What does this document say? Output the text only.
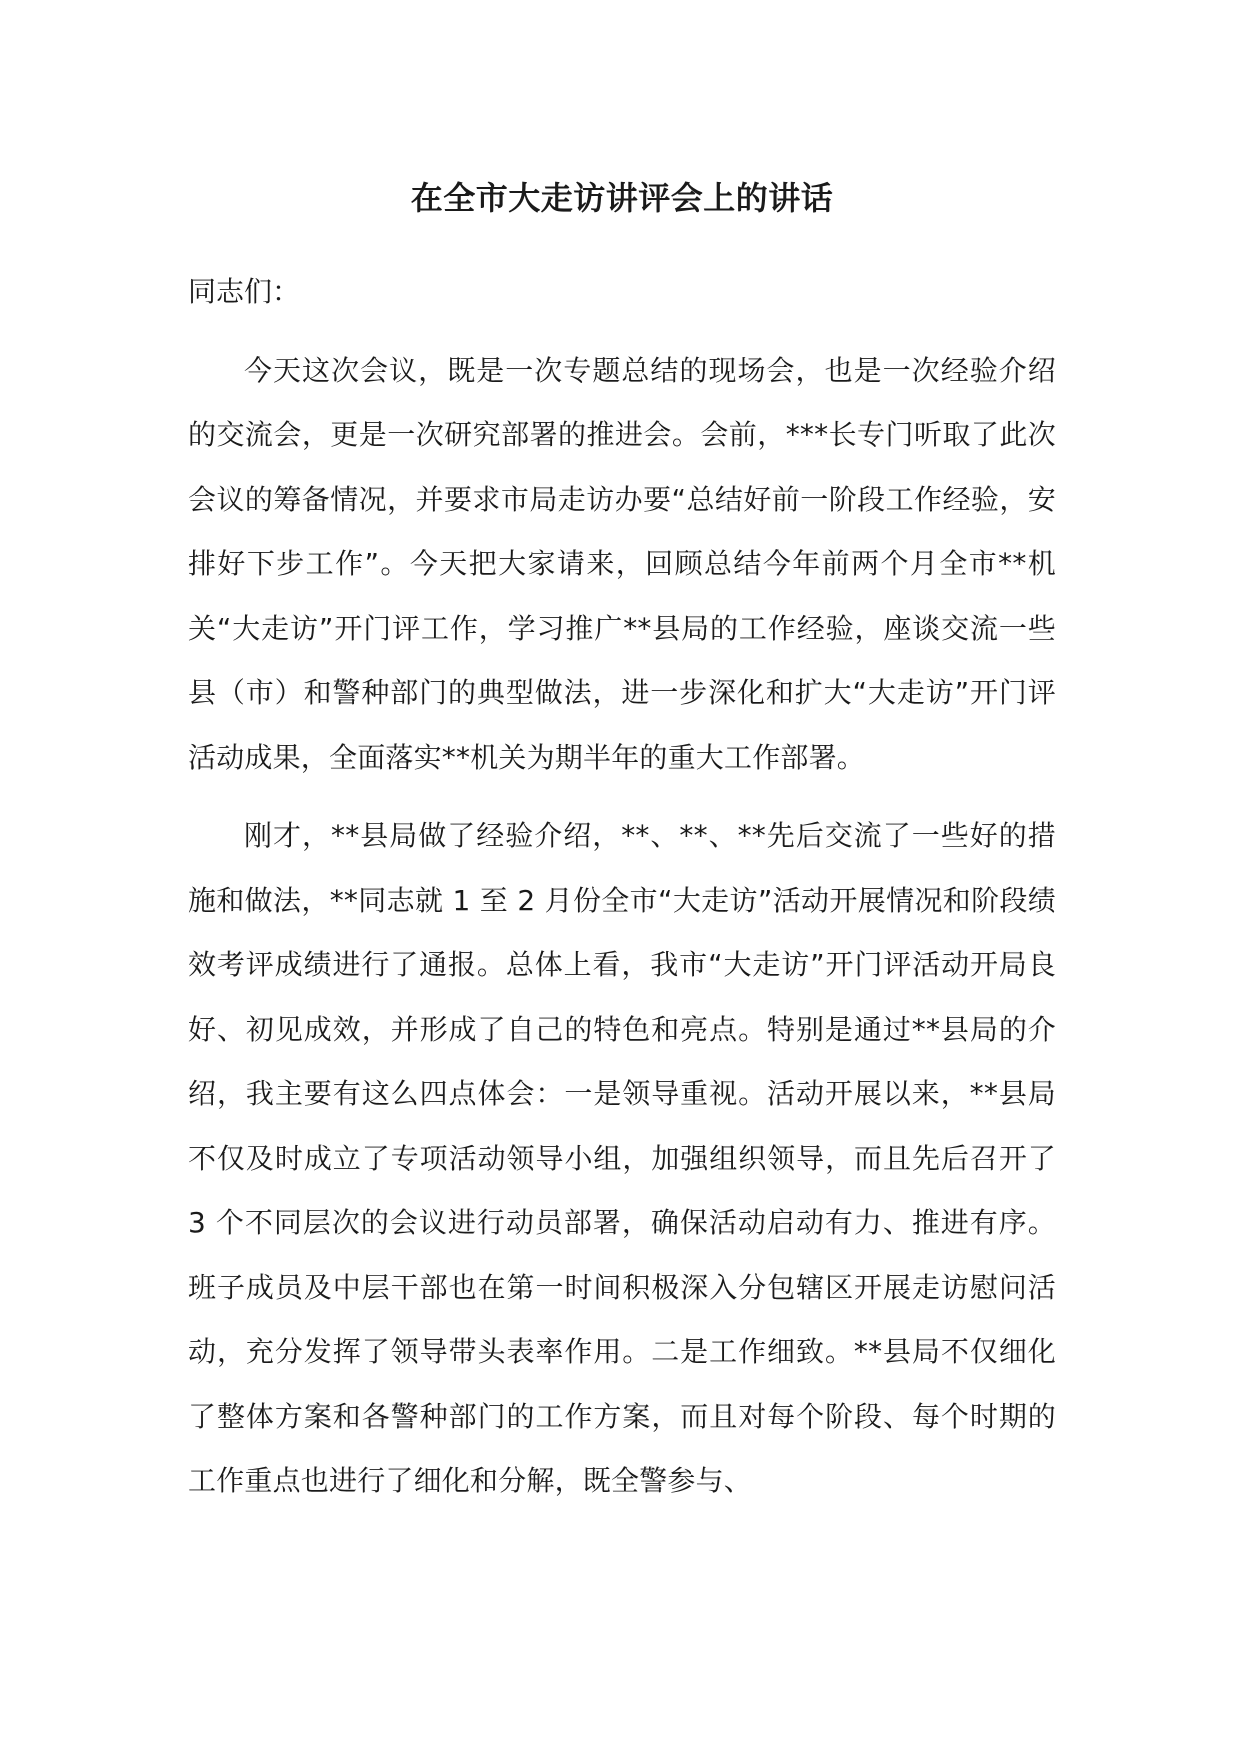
在全市大走访讲评会上的讲话

同志们：

今天这次会议，既是一次专题总结的现场会，也是一次经验介绍的交流会，更是一次研究部署的推进会。会前，***长专门听取了此次会议的筹备情况，并要求市局走访办要“总结好前一阶段工作经验，安排好下步工作”。今天把大家请来，回顾总结今年前两个月全市**机关“大走访”开门评工作，学习推广**县局的工作经验，座谈交流一些县（市）和警种部门的典型做法，进一步深化和扩大“大走访”开门评活动成果，全面落实**机关为期半年的重大工作部署。

刚才，**县局做了经验介绍，**、**、**先后交流了一些好的措施和做法，**同志就 1 至 2 月份全市“大走访”活动开展情况和阶段绩效考评成绩进行了通报。总体上看，我市“大走访”开门评活动开局良好、初见成效，并形成了自己的特色和亮点。特别是通过**县局的介绍，我主要有这么四点体会：一是领导重视。活动开展以来，**县局不仅及时成立了专项活动领导小组，加强组织领导，而且先后召开了 3 个不同层次的会议进行动员部署，确保活动启动有力、推进有序。班子成员及中层干部也在第一时间积极深入分包辖区开展走访慰问活动，充分发挥了领导带头表率作用。二是工作细致。**县局不仅细化了整体方案和各警种部门的工作方案，而且对每个阶段、每个时期的工作重点也进行了细化和分解，既全警参与、
